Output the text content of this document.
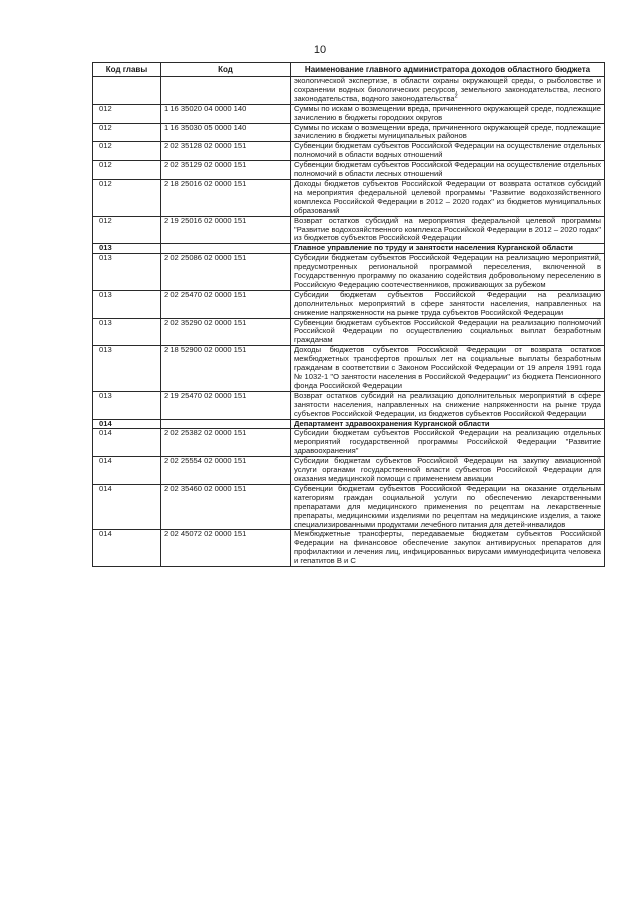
10
Код главы	Код	Наименование главного администратора доходов областного бюджета
		экологической экспертизе, в области охраны окружающей среды, о рыболовстве и сохранении водных биологических ресурсов, земельного законодательства, лесного законодательства, водного законодательства$^2$
012	1 16 35020 04 0000 140	Суммы по искам о возмещении вреда, причиненного окружающей среде, подлежащие зачислению в бюджеты городских округов
012	1 16 35030 05 0000 140	Суммы по искам о возмещении вреда, причиненного окружающей среде, подлежащие зачислению в бюджеты муниципальных районов
012	2 02 35128 02 0000 151	Субвенции бюджетам субъектов Российской Федерации на осуществление отдельных полномочий в области водных отношений
012	2 02 35129 02 0000 151	Субвенции бюджетам субъектов Российской Федерации на осуществление отдельных полномочий в области лесных отношений
012	2 18 25016 02 0000 151	Доходы бюджетов субъектов Российской Федерации от возврата остатков субсидий на мероприятия федеральной целевой программы "Развитие водохозяйственного комплекса Российской Федерации в 2012 – 2020 годах" из бюджетов муниципальных образований
012	2 19 25016 02 0000 151	Возврат остатков субсидий на мероприятия федеральной целевой программы "Развитие водохозяйственного комплекса Российской Федерации в 2012 – 2020 годах" из бюджетов субъектов Российской Федерации
013		Главное управление по труду и занятости населения Курганской области
013	2 02 25086 02 0000 151	Субсидии бюджетам субъектов Российской Федерации на реализацию мероприятий, предусмотренных региональной программой переселения, включенной в Государственную программу по оказанию содействия добровольному переселению в Российскую Федерацию соотечественников, проживающих за рубежом
013	2 02 25470 02 0000 151	Субсидии бюджетам субъектов Российской Федерации на реализацию дополнительных мероприятий в сфере занятости населения, направленных на снижение напряженности на рынке труда субъектов Российской Федерации
013	2 02 35290 02 0000 151	Субвенции бюджетам субъектов Российской Федерации на реализацию полномочий Российской Федерации по осуществлению социальных выплат безработным гражданам
013	2 18 52900 02 0000 151	Доходы бюджетов субъектов Российской Федерации от возврата остатков межбюджетных трансфертов прошлых лет на социальные выплаты безработным гражданам в соответствии с Законом Российской Федерации от 19 апреля 1991 года № 1032-1 "О занятости населения в Российской Федерации" из бюджета Пенсионного фонда Российской Федерации
013	2 19 25470 02 0000 151	Возврат остатков субсидий на реализацию дополнительных мероприятий в сфере занятости населения, направленных на снижение напряженности на рынке труда субъектов Российской Федерации, из бюджетов субъектов Российской Федерации
014		Департамент здравоохранения Курганской области
014	2 02 25382 02 0000 151	Субсидии бюджетам субъектов Российской Федерации на реализацию отдельных мероприятий государственной программы Российской Федерации "Развитие здравоохранения"
014	2 02 25554 02 0000 151	Субсидии бюджетам субъектов Российской Федерации на закупку авиационной услуги органами государственной власти субъектов Российской Федерации для оказания медицинской помощи с применением авиации
014	2 02 35460 02 0000 151	Субвенции бюджетам субъектов Российской Федерации на оказание отдельным категориям граждан социальной услуги по обеспечению лекарственными препаратами для медицинского применения по рецептам на лекарственные препараты, медицинскими изделиями по рецептам на медицинские изделия, а также специализированными продуктами лечебного питания для детей-инвалидов
014	2 02 45072 02 0000 151	Межбюджетные трансферты, передаваемые бюджетам субъектов Российской Федерации на финансовое обеспечение закупок антивирусных препаратов для профилактики и лечения лиц, инфицированных вирусами иммунодефицита человека и гепатитов В и С
